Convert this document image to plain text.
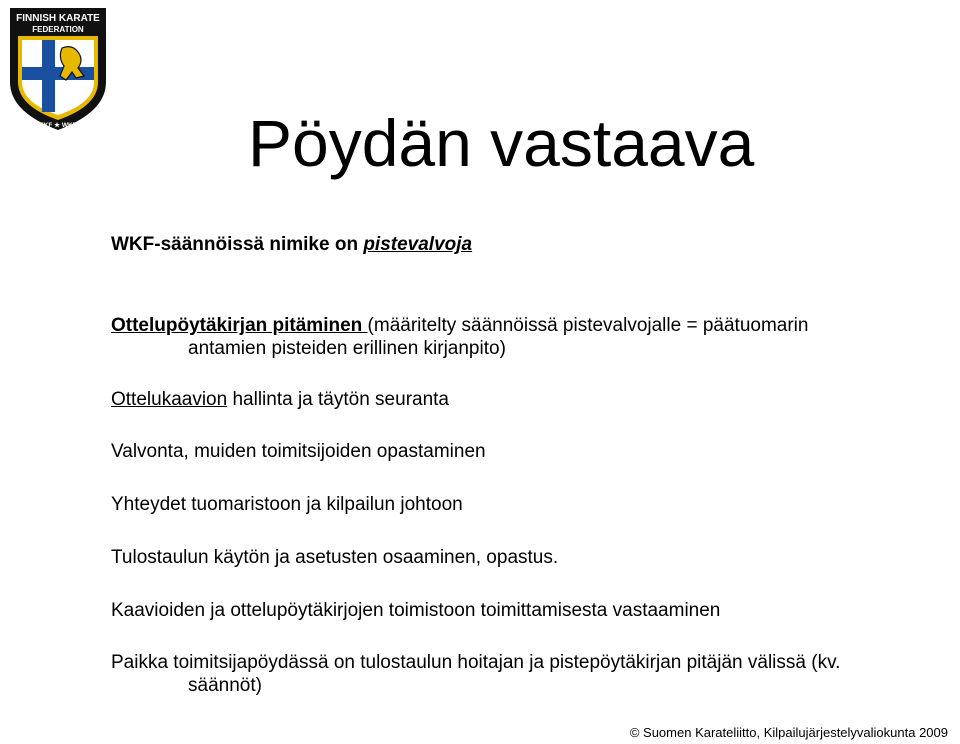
FINNISH KARATE
FEDERATION
EKF ★ WKF	Pöydän vastaava
WKF-säännöissä nimike on pistevalvoja
Ottelupöytäkirjan pitäminen (määritelty säännöissä pistevalvojalle = päätuomarin
antamien pisteiden erillinen kirjanpito)
Ottelukaavion hallinta ja täytön seuranta
Valvonta, muiden toimitsijoiden opastaminen
Yhteydet tuomaristoon ja kilpailun johtoon
Tulostaulun käytön ja asetusten osaaminen, opastus.
Kaavioiden ja ottelupöytäkirjojen toimistoon toimittamisesta vastaaminen
Paikka toimitsijapöydässä on tulostaulun hoitajan ja pistepöytäkirjan pitäjän välissä (kv.
säännöt)
© Suomen Karateliitto, Kilpailujärjestelyvaliokunta 2009
